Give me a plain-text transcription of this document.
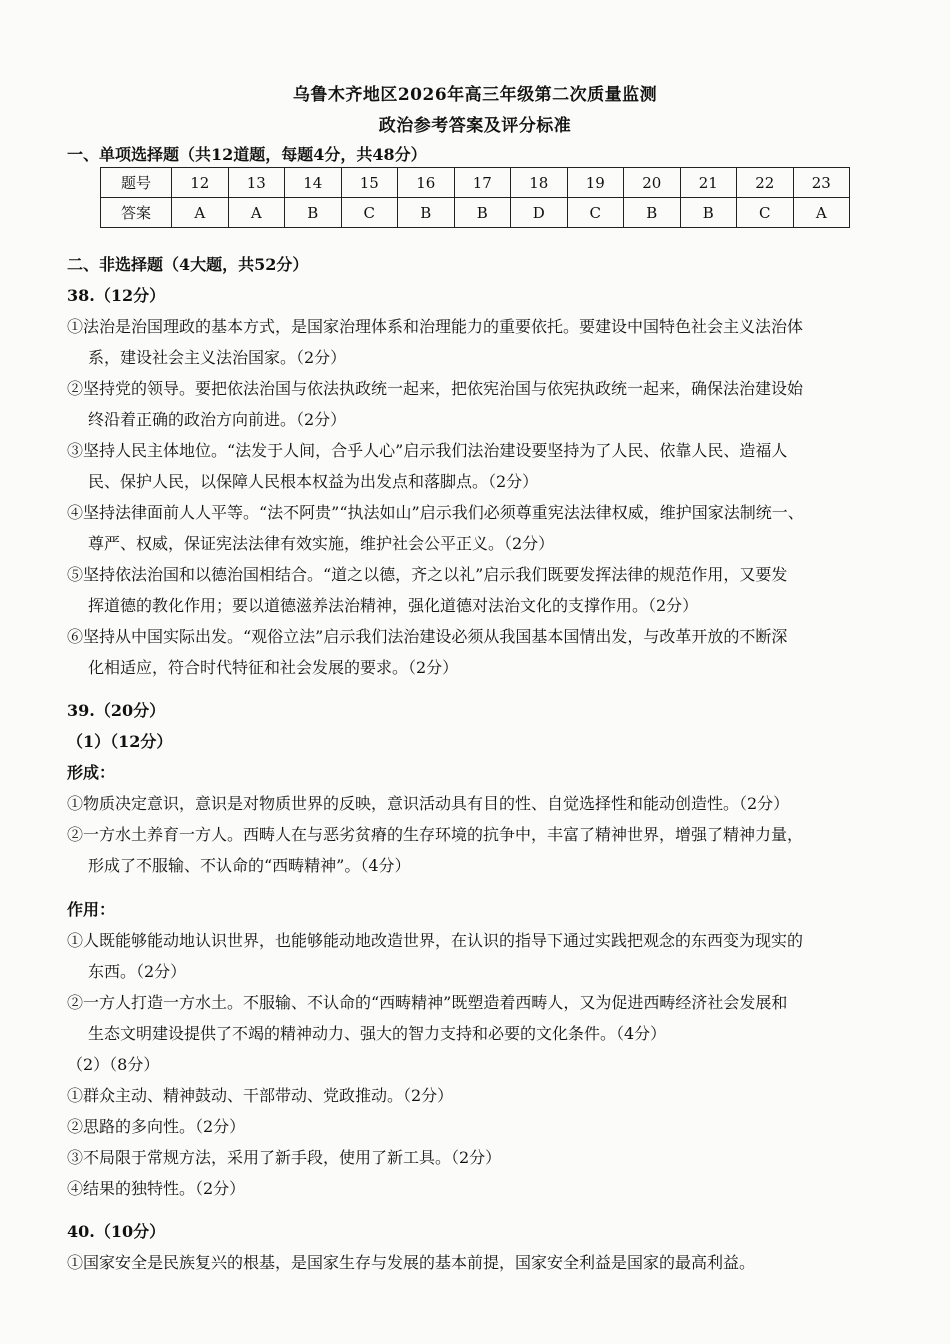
乌鲁木齐地区2026年高三年级第二次质量监测
政治参考答案及评分标准
一、单项选择题（共12道题，每题4分，共48分）
题号	12	13	14	15	16	17	18	19	20	21	22	23
答案	A	A	B	C	B	B	D	C	B	B	C	A
二、非选择题（4大题，共52分）
38.（12分）
①法治是治国理政的基本方式，是国家治理体系和治理能力的重要依托。要建设中国特色社会主义法治体
系，建设社会主义法治国家。（2分）
②坚持党的领导。要把依法治国与依法执政统一起来，把依宪治国与依宪执政统一起来，确保法治建设始
终沿着正确的政治方向前进。（2分）
③坚持人民主体地位。“法发于人间，合乎人心”启示我们法治建设要坚持为了人民、依靠人民、造福人
民、保护人民，以保障人民根本权益为出发点和落脚点。（2分）
④坚持法律面前人人平等。“法不阿贵”“执法如山”启示我们必须尊重宪法法律权威，维护国家法制统一、
尊严、权威，保证宪法法律有效实施，维护社会公平正义。（2分）
⑤坚持依法治国和以德治国相结合。“道之以德，齐之以礼”启示我们既要发挥法律的规范作用，又要发
挥道德的教化作用；要以道德滋养法治精神，强化道德对法治文化的支撑作用。（2分）
⑥坚持从中国实际出发。“观俗立法”启示我们法治建设必须从我国基本国情出发，与改革开放的不断深
化相适应，符合时代特征和社会发展的要求。（2分）
39.（20分）
（1）（12分）
形成：
①物质决定意识，意识是对物质世界的反映，意识活动具有目的性、自觉选择性和能动创造性。（2分）
②一方水土养育一方人。西畴人在与恶劣贫瘠的生存环境的抗争中，丰富了精神世界，增强了精神力量，
形成了不服输、不认命的“西畴精神”。（4分）
作用：
①人既能够能动地认识世界，也能够能动地改造世界，在认识的指导下通过实践把观念的东西变为现实的
东西。（2分）
②一方人打造一方水土。不服输、不认命的“西畴精神”既塑造着西畴人，又为促进西畴经济社会发展和
生态文明建设提供了不竭的精神动力、强大的智力支持和必要的文化条件。（4分）
（2）（8分）
①群众主动、精神鼓动、干部带动、党政推动。（2分）
②思路的多向性。（2分）
③不局限于常规方法，采用了新手段，使用了新工具。（2分）
④结果的独特性。（2分）
40.（10分）
①国家安全是民族复兴的根基，是国家生存与发展的基本前提，国家安全利益是国家的最高利益。
